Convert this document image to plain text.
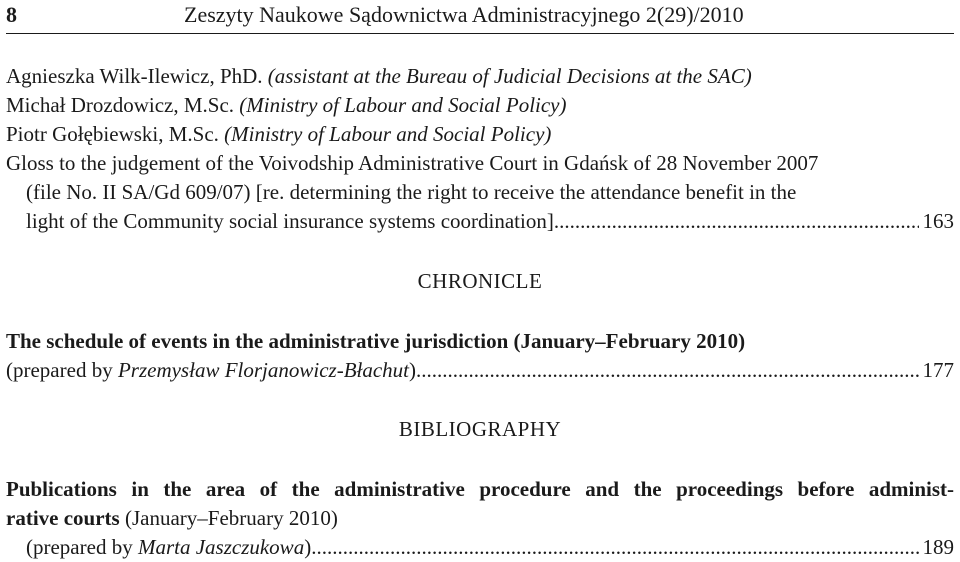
8	Zeszyty Naukowe Sądownictwa Administracyjnego 2(29)/2010
Agnieszka Wilk-Ilewicz, PhD. (assistant at the Bureau of Judicial Decisions at the SAC)
Michał Drozdowicz, M.Sc. (Ministry of Labour and Social Policy)
Piotr Gołębiewski, M.Sc. (Ministry of Labour and Social Policy)
Gloss to the judgement of the Voivodship Administrative Court in Gdańsk of 28 November 2007
(file No. II SA/Gd 609/07) [re. determining the right to receive the attendance benefit in the
light of the Community social insurance systems coordination] .....	163
CHRONICLE
The schedule of events in the administrative jurisdiction (January–February 2010)
(prepared by Przemysław Florjanowicz-Błachut) .....	177
BIBLIOGRAPHY
Publications in the area of the administrative procedure and the proceedings before administ-
rative courts (January–February 2010)
(prepared by Marta Jaszczukowa) .....	189
